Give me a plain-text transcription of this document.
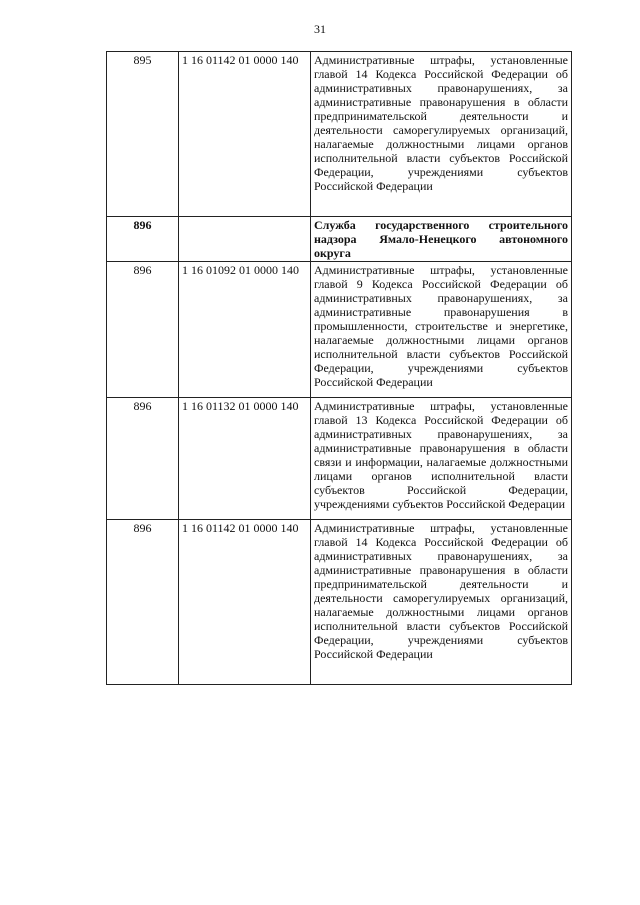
31
895	1 16 01142 01 0000 140	Административные штрафы, установленные главой 14 Кодекса Российской Федерации об административных правонарушениях, за административные правонарушения в области предпринимательской деятельности и деятельности саморегулируемых организаций, налагаемые должностными лицами органов исполнительной власти субъектов Российской Федерации, учреждениями субъектов Российской Федерации
896		Служба государственного строительного надзора Ямало-Ненецкого автономного округа
896	1 16 01092 01 0000 140	Административные штрафы, установленные главой 9 Кодекса Российской Федерации об административных правонарушениях, за административные правонарушения в промышленности, строительстве и энергетике, налагаемые должностными лицами органов исполнительной власти субъектов Российской Федерации, учреждениями субъектов Российской Федерации
896	1 16 01132 01 0000 140	Административные штрафы, установленные главой 13 Кодекса Российской Федерации об административных правонарушениях, за административные правонарушения в области связи и информации, налагаемые должностными лицами органов исполнительной власти субъектов Российской Федерации, учреждениями субъектов Российской Федерации
896	1 16 01142 01 0000 140	Административные штрафы, установленные главой 14 Кодекса Российской Федерации об административных правонарушениях, за административные правонарушения в области предпринимательской деятельности и деятельности саморегулируемых организаций, налагаемые должностными лицами органов исполнительной власти субъектов Российской Федерации, учреждениями субъектов Российской Федерации
